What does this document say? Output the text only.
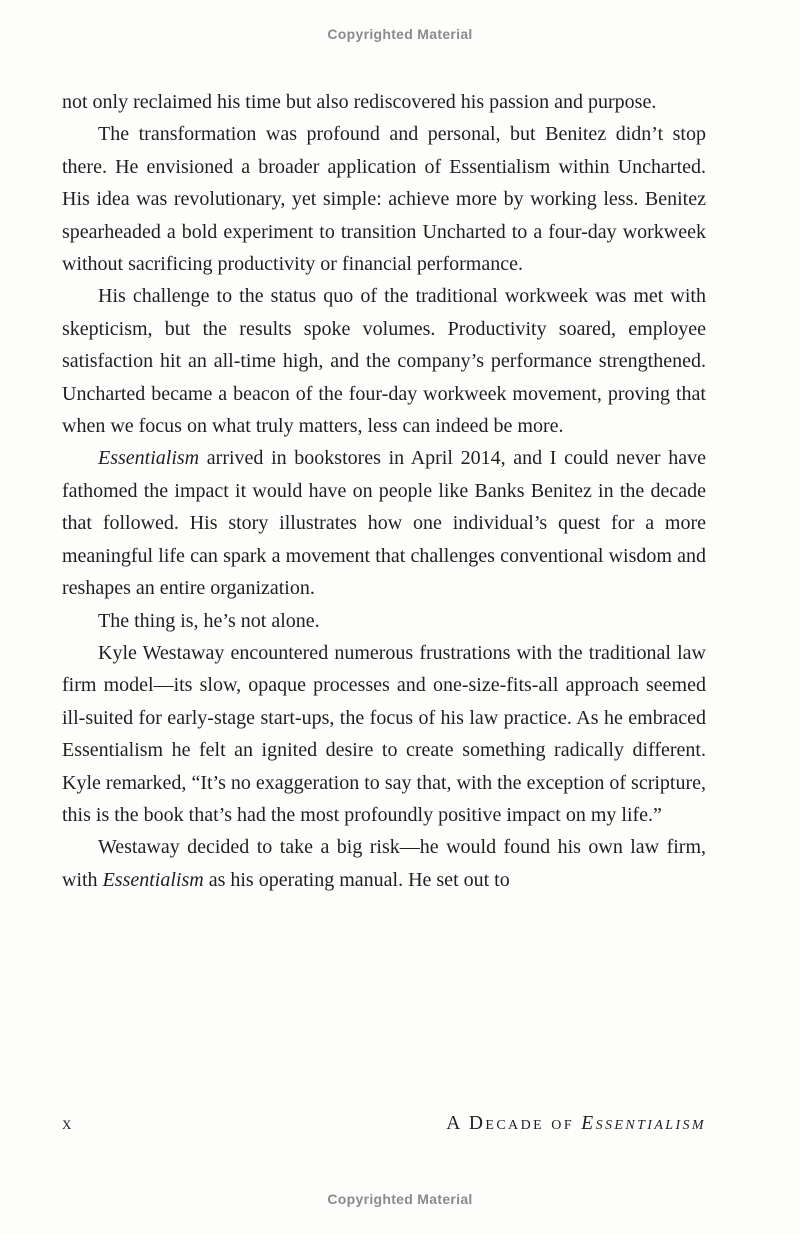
Copyrighted Material

not only reclaimed his time but also rediscovered his passion and purpose.

The transformation was profound and personal, but Benitez didn’t stop there. He envisioned a broader application of Essentialism within Uncharted. His idea was revolutionary, yet simple: achieve more by working less. Benitez spearheaded a bold experiment to transition Uncharted to a four-day workweek without sacrificing productivity or financial performance.

His challenge to the status quo of the traditional workweek was met with skepticism, but the results spoke volumes. Productivity soared, employee satisfaction hit an all-time high, and the company’s performance strengthened. Uncharted became a beacon of the four-day workweek movement, proving that when we focus on what truly matters, less can indeed be more.

Essentialism arrived in bookstores in April 2014, and I could never have fathomed the impact it would have on people like Banks Benitez in the decade that followed. His story illustrates how one individual’s quest for a more meaningful life can spark a movement that challenges conventional wisdom and reshapes an entire organization.

The thing is, he’s not alone.

Kyle Westaway encountered numerous frustrations with the traditional law firm model—its slow, opaque processes and one-size-fits-all approach seemed ill-suited for early-stage start-ups, the focus of his law practice. As he embraced Essentialism he felt an ignited desire to create something radically different. Kyle remarked, “It’s no exaggeration to say that, with the exception of scripture, this is the book that’s had the most profoundly positive impact on my life.”

Westaway decided to take a big risk—he would found his own law firm, with Essentialism as his operating manual. He set out to

x	A Decade of Essentialism
Copyrighted Material
